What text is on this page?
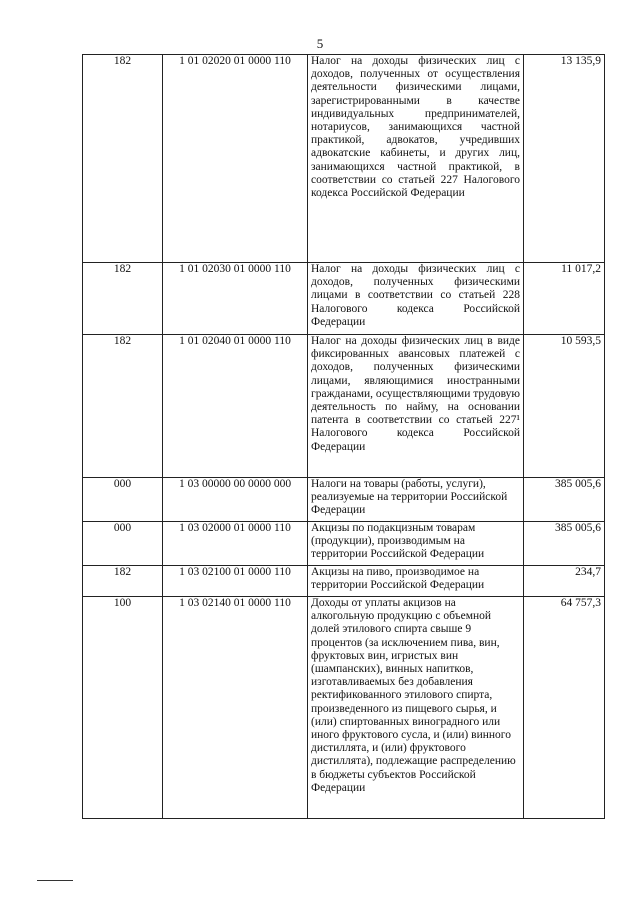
5
182	1 01 02020 01 0000 110	Налог на доходы физических лиц с доходов, полученных от осуществления деятельности физическими лицами, зарегистрированными в качестве индивидуальных предпринимателей, нотариусов, занимающихся частной практикой, адвокатов, учредивших адвокатские кабинеты, и других лиц, занимающихся частной практикой, в соответствии со статьей 227 Налогового кодекса Российской Федерации	13 135,9
182	1 01 02030 01 0000 110	Налог на доходы физических лиц с доходов, полученных физическими лицами в соответствии со статьей 228 Налогового кодекса Российской Федерации	11 017,2
182	1 01 02040 01 0000 110	Налог на доходы физических лиц в виде фиксированных авансовых платежей с доходов, полученных физическими лицами, являющимися иностранными гражданами, осуществляющими трудовую деятельность по найму, на основании патента в соответствии со статьей 227¹ Налогового кодекса Российской Федерации	10 593,5
000	1 03 00000 00 0000 000	Налоги на товары (работы, услуги), реализуемые на территории Российской Федерации	385 005,6
000	1 03 02000 01 0000 110	Акцизы по подакцизным товарам (продукции), производимым на территории Российской Федерации	385 005,6
182	1 03 02100 01 0000 110	Акцизы на пиво, производимое на территории Российской Федерации	234,7
100	1 03 02140 01 0000 110	Доходы от уплаты акцизов на алкогольную продукцию с объемной долей этилового спирта свыше 9 процентов (за исключением пива, вин, фруктовых вин, игристых вин (шампанских), винных напитков, изготавливаемых без добавления ректификованного этилового спирта, произведенного из пищевого сырья, и (или) спиртованных виноградного или иного фруктового сусла, и (или) винного дистиллята, и (или) фруктового дистиллята), подлежащие распределению в бюджеты субъектов Российской Федерации	64 757,3
